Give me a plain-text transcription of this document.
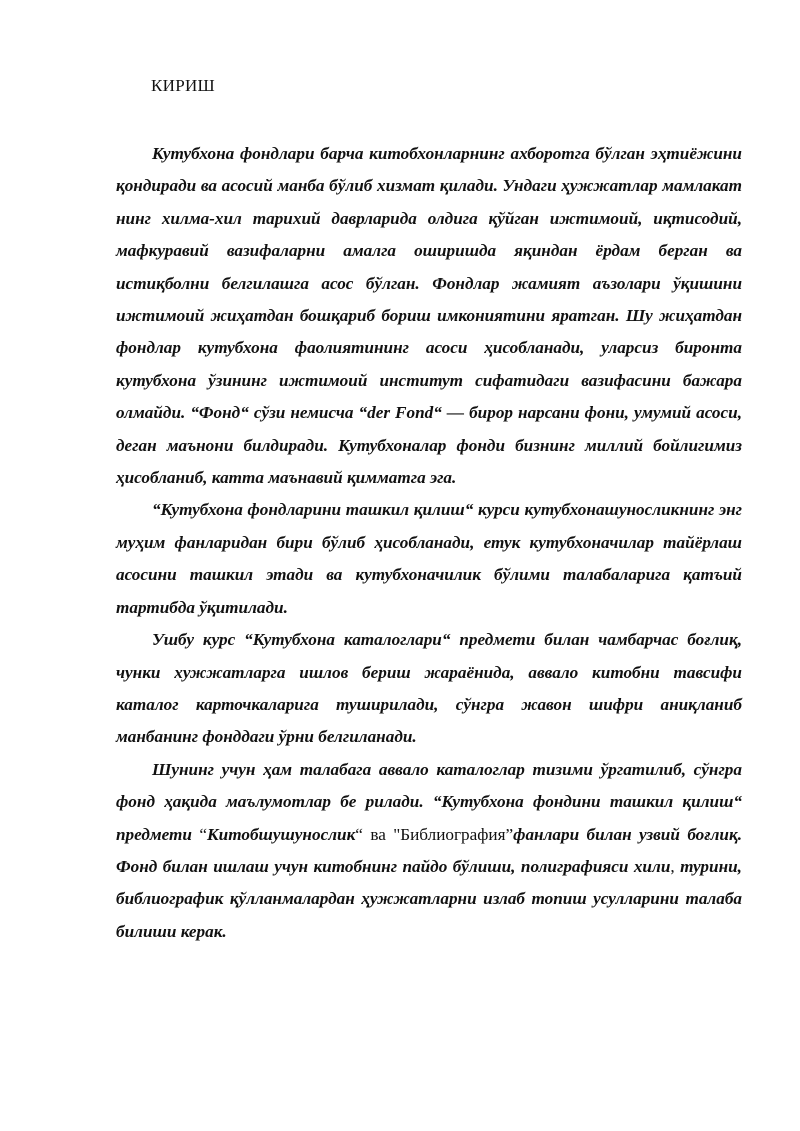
КИРИШ

Кутубхона фондлари барча китобхонларнинг ахборотга бўлган эҳтиёжини қондиради ва асосий манба бўлиб хизмат қилади. Ундаги ҳужжатлар мамлакат нинг хилма-хил тарихий даврларида олдига қўйган ижтимоий, иқтисодий, мафкуравий вазифаларни амалга оширишда яқиндан ёрдам берган ва истиқболни белгилашга асос бўлган. Фондлар жамият аъзолари ўқишини ижтимоий жиҳатдан бошқариб бориш имкониятини яратган. Шу жиҳатдан фондлар кутубхона фаолиятининг асоси ҳисобланади, уларсиз биронта кутубхона ўзининг ижтимоий институт сифатидаги вазифасини бажара олмайди. “Фонд“ сўзи немисча “der Fond“ — бирор нарсани фони, умумий асоси, деган маънони билдиради. Кутубхоналар фонди бизнинг миллий бойлигимиз ҳисобланиб, катта маънавий қимматга эга.

“Кутубхона фондларини ташкил қилиш“ курси кутубхонашуносликнинг энг муҳим фанларидан бири бўлиб ҳисобланади, етук кутубхоначилар тайёрлаш асосини ташкил этади ва кутубхоначилик бўлими талабаларига қатъий тартибда ўқитилади.

Ушбу курс “Кутубхона каталоглари“ предмети билан чамбарчас боғлиқ, чунки хужжатларга ишлов бериш жараёнида, аввало китобни тавсифи каталог карточкаларига туширилади, сўнгра жавон шифри аниқланиб манбанинг фонддаги ўрни белгиланади.

Шунинг учун ҳам талабага аввало каталоглар тизими ўргатилиб, сўнгра фонд ҳақида маълумотлар бе рилади. “Кутубхона фондини ташкил қилиш“ предмети “Китобшушунослик“ ва "Библиография”фанлари билан узвий боғлиқ. Фонд билан ишлаш учун китобнинг пайдо бўлиши, полиграфияси хили, турини, библиографик қўлланмалардан ҳужжатларни излаб топиш усулларини талаба билиши керак.
